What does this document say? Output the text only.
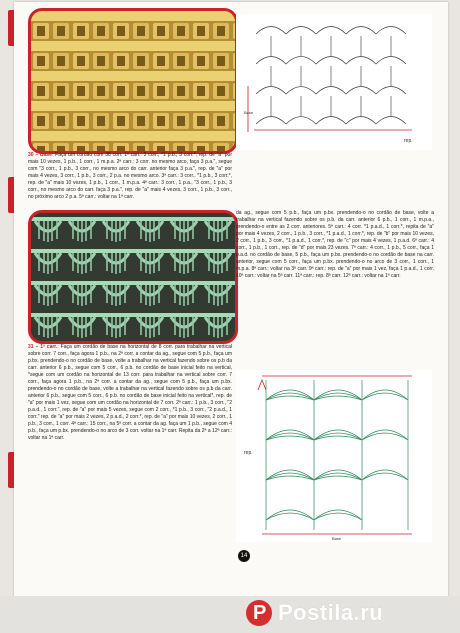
rep.
Base
30 – Base: Faça um cordão com 38 corr. 1ª carr.: 3 corr., *1 p.b., 3 corr.*, rep. de "a" por mais 10 vezes, 1 p.b., 1 corr., 1 m.p.a. 2ª carr.: 3 corr. no mesmo arco, faça 3 p.a.", segue com "3 corr., 1 p.b., 3 corr., no mesmo arco do carr. anterior faça 3 p.a.", rep. de "a" por mais 4 vezes, 3 corr., 1 p.b., 3 corr., 2 p.a. no mesmo arco. 3ª carr.: 3 corr., *1 p.b., 3 corr.*, rep. de "a" mais 10 vezes, 1 p.b., 1 corr., 1 m.p.a. 4ª carr.: 3 corr., 1 p.a., "3 corr., 1 p.b., 3 corr., no mesmo arco do carr. faça 3 p.a.", rep. de "a" mais 4 vezes, 3 corr., 1 p.b., 3 corr., no próximo arco 2 p.a. 5ª carr.: voltar na 1ª carr.
da ag., segue com 5 p.b., faça um p.bx. prendendo-o no cordão de base, volte a trabalhar na vertical fazendo sobre os p.b. da carr. anterior 6 p.b., 1 corr., 1 m.p.a., prendendo-o entre as 2 corr. anteriores. 5ª carr.: 4 corr. *1 p.a.d., 1 corr.*, repita de "a" por mais 4 vezes, 2 corr., 1 p.b., 3 corr., *1 p.a.d., 1 corr.*, rep. de "b" por mais 10 vezes, 2 corr., 1 p.b., 3 corr., *1 p.a.d., 1 corr.*, rep. de "c" por mais 4 vezes, 1 p.a.d. 6ª carr.: 4 corr., 1 p.b., 1 corr., rep. de "d" por mais 23 vezes. 7ª carr.: 4 corr., 1 p.b., 5 corr., faça 1 p.a.d. no cordão de base, 5 p.b., faça um p.bx. prendendo-o no cordão de base na carr. anterior, segue com 5 corr., faça um p.bx. prendendo-o no arco de 3 corr., 1 corr., 1 m.p.a. 8ª carr.: voltar na 3ª carr. 9ª carr.: rep. de "a" por mais 1 vez, faça 1 p.a.d., 1 corr. 10ª carr.: voltar na 5ª carr. 11ª carr.: rep. 8ª carr. 12ª carr.: voltar na 1ª carr.
31 – 1ª carr.: Faça um cordão de base na horizontal de 8 corr. para trabalhar na vertical sobre corr. 7 corr., faça agora 1 p.b., na 2ª corr. a contar da ag., segue com 5 p.b., faça um p.bx. prendendo-o no cordão de base, volte a trabalhar na vertical fazendo sobre os p.b da carr. anterior 6 p.b., segue com 5 corr., 6 p.b. no cordão de base inicial feito na vertical, *segue com um cordão na horizontal de 13 corr. para trabalhar na vertical sobre corr. 7 corr., faça agora 1 p.b., na 2ª corr. a contar da ag., segue com 5 p.b., faça um p.bx. prendendo-o no cordão de base, volte a trabalhar na vertical fazendo sobre os p.b da carr. anterior 6 p.b., segue com 5 corr., 6 p.b. no cordão de base inicial feito na vertical*, rep. de "a" por mais 1 vez, segue com um cordão na horizontal de 7 corr. 2ª carr.: 1 p.b., 3 corr., "2 p.a.d., 1 corr.", rep. de "a" por mais 5 vezes, segue com 2 corr., *1 p.b., 3 corr., "2 p.a.d., 1 corr." rep. de "a" por mais 2 vezes, 2 p.a.d., 2 corr.*, rep. de "a" por mais 10 vezes, 2 corr., 1 p.b., 3 corr., 1 corr. 4ª carr.: 15 corr., na 5ª corr. a contar da ag. faça um 1 p.b., segue com 4 p.b., faça um p.bx. prendendo-o no arco de 3 corr. voltar na 1ª carr. Repita da 2ª a 12ª carr.: voltar na 1ª carr.
rep.
Base
14
P Postila.ru
